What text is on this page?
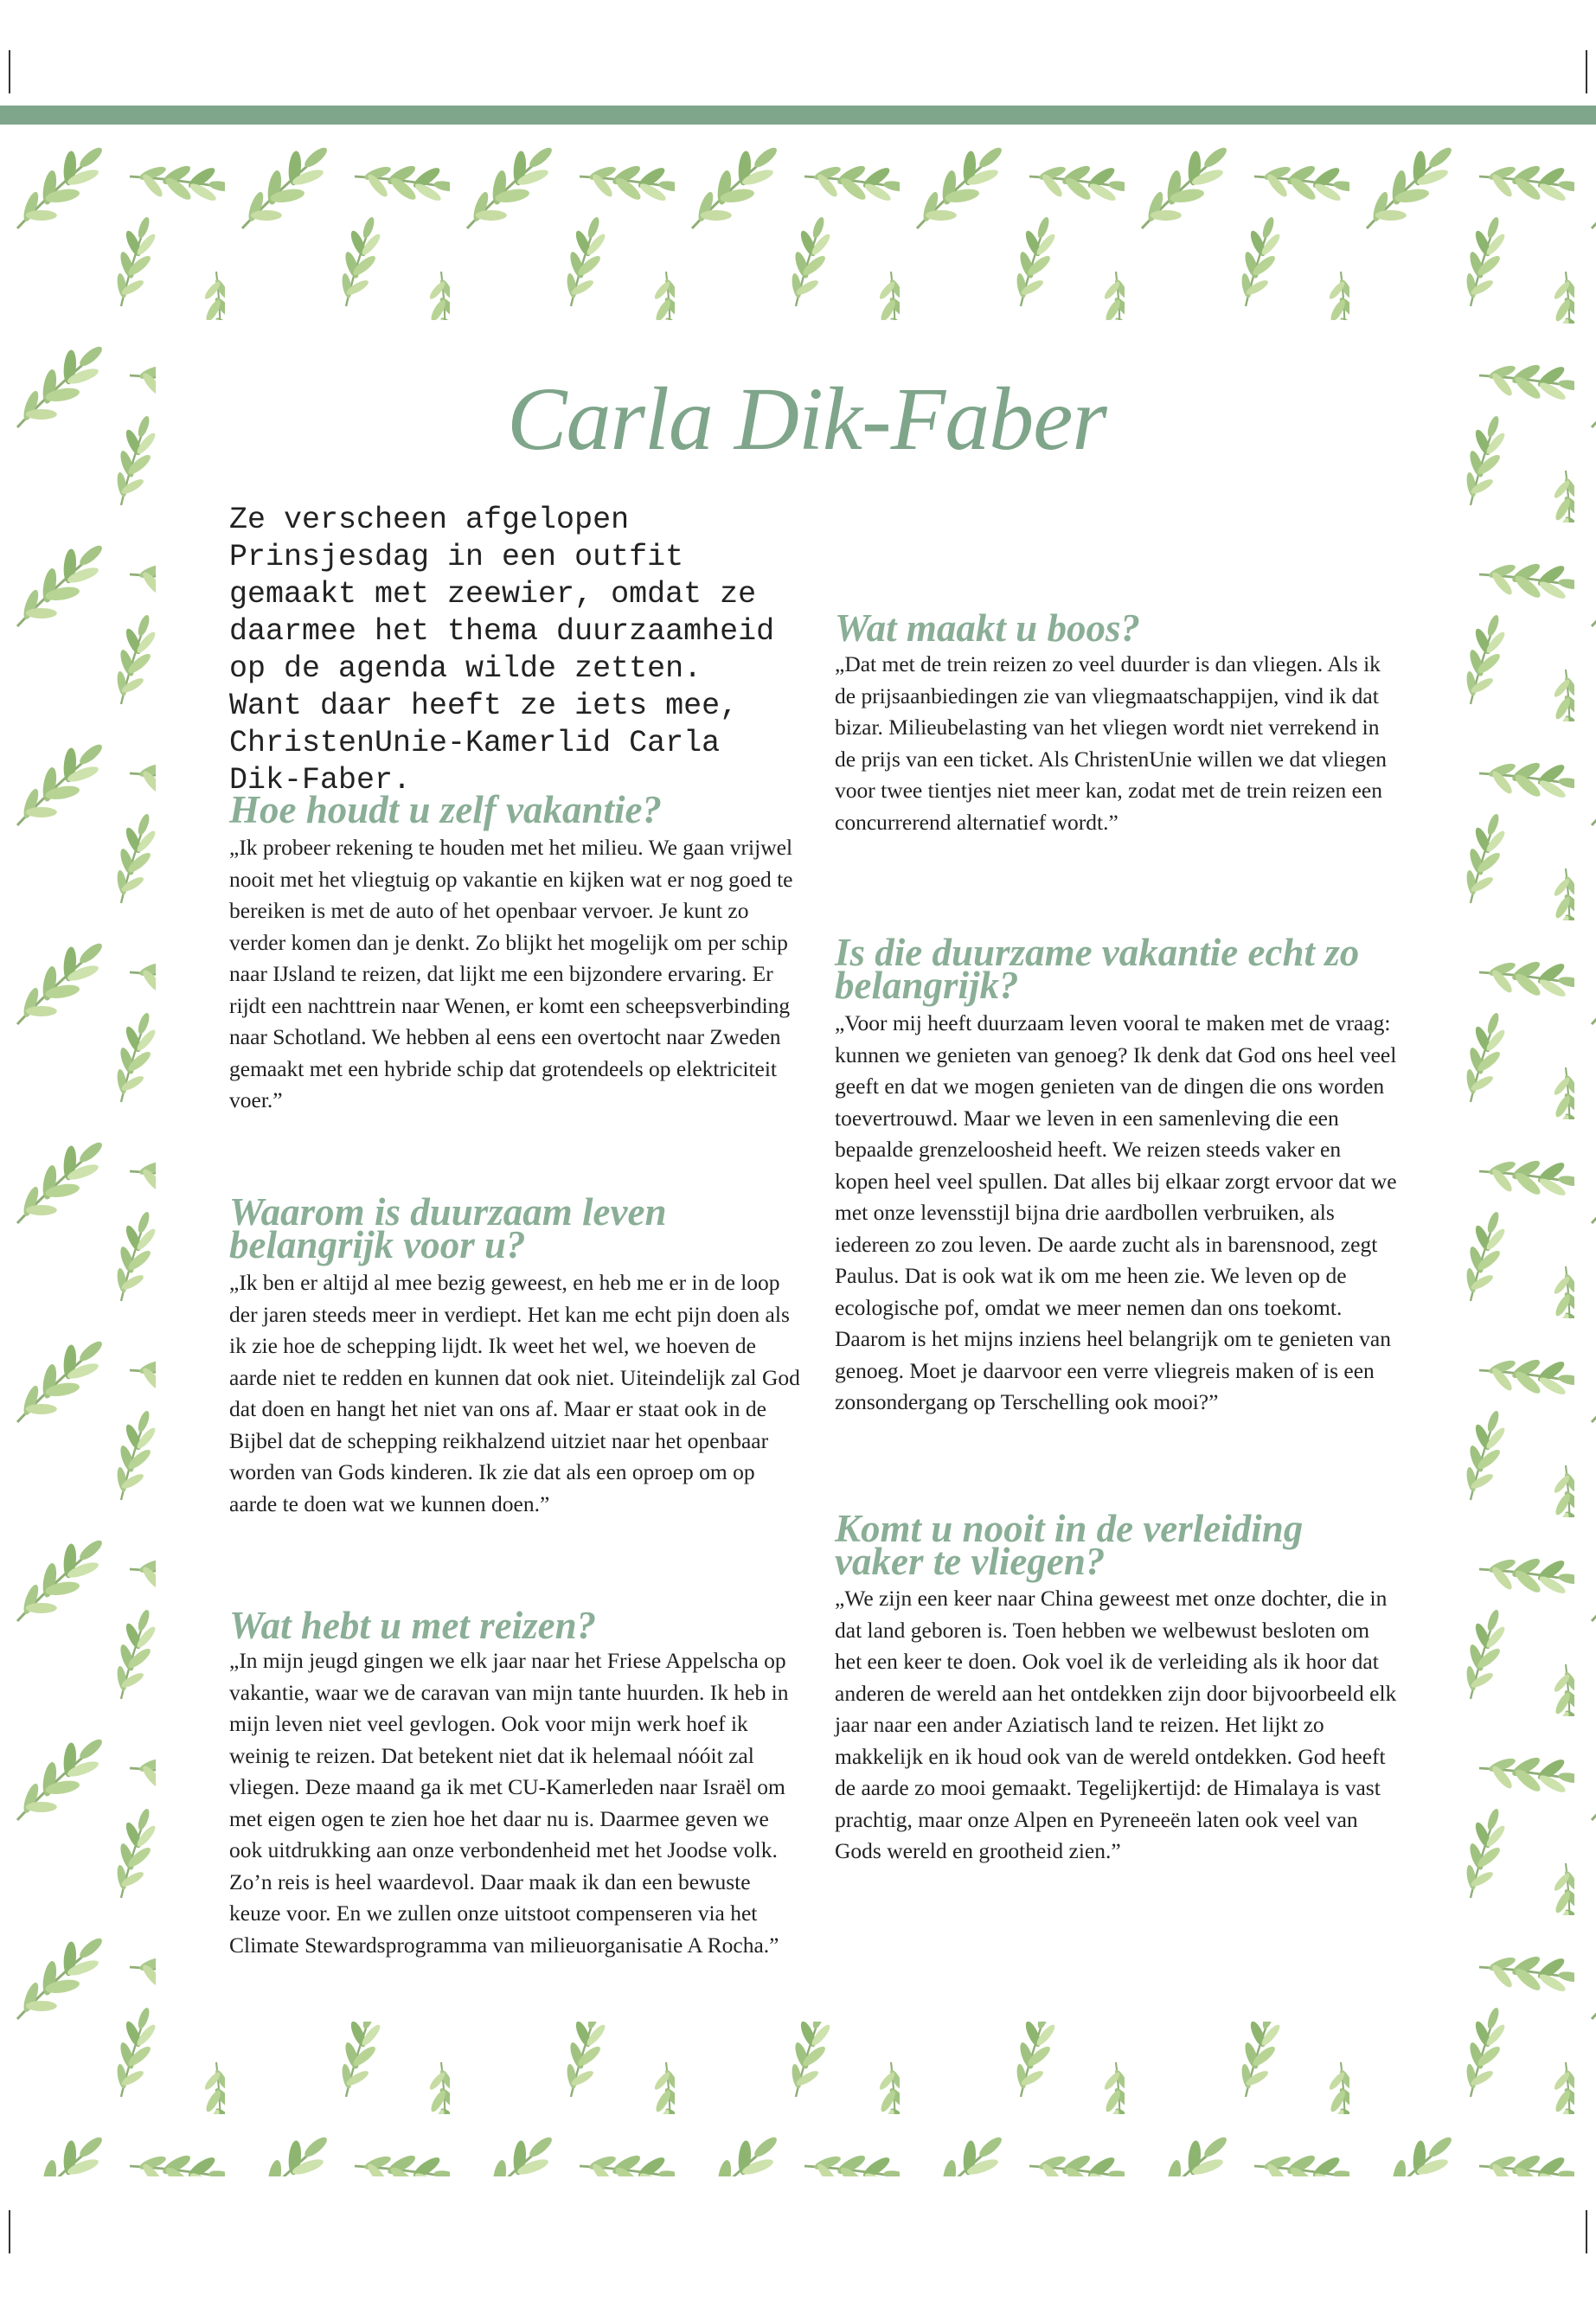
Carla Dik-Faber

Ze verscheen afgelopen Prinsjesdag in een outfit gemaakt met zeewier, omdat ze daarmee het thema duurzaamheid op de agenda wilde zetten. Want daar heeft ze iets mee, ChristenUnie-Kamerlid Carla Dik-Faber.

Hoe houdt u zelf vakantie?

„Ik probeer rekening te houden met het milieu. We gaan vrijwel nooit met het vliegtuig op vakantie en kijken wat er nog goed te bereiken is met de auto of het openbaar vervoer. Je kunt zo verder komen dan je denkt. Zo blijkt het mogelijk om per schip naar IJsland te reizen, dat lijkt me een bijzondere ervaring. Er rijdt een nachttrein naar Wenen, er komt een scheepsverbinding naar Schotland. We hebben al eens een overtocht naar Zweden gemaakt met een hybride schip dat grotendeels op elektriciteit voer.”

Waarom is duurzaam leven belangrijk voor u?

„Ik ben er altijd al mee bezig geweest, en heb me er in de loop der jaren steeds meer in verdiept. Het kan me echt pijn doen als ik zie hoe de schepping lijdt. Ik weet het wel, we hoeven de aarde niet te redden en kunnen dat ook niet. Uiteindelijk zal God dat doen en hangt het niet van ons af. Maar er staat ook in de Bijbel dat de schepping reikhalzend uitziet naar het openbaar worden van Gods kinderen. Ik zie dat als een oproep om op aarde te doen wat we kunnen doen.”

Wat hebt u met reizen?

„In mijn jeugd gingen we elk jaar naar het Friese Appelscha op vakantie, waar we de caravan van mijn tante huurden. Ik heb in mijn leven niet veel gevlogen. Ook voor mijn werk hoef ik weinig te reizen. Dat betekent niet dat ik helemaal nóóit zal vliegen. Deze maand ga ik met CU-Kamerleden naar Israël om met eigen ogen te zien hoe het daar nu is. Daarmee geven we ook uitdrukking aan onze verbondenheid met het Joodse volk. Zo’n reis is heel waardevol. Daar maak ik dan een bewuste keuze voor. En we zullen onze uitstoot compenseren via het Climate Stewardsprogramma van milieuorganisatie A Rocha.”

Wat maakt u boos?

„Dat met de trein reizen zo veel duurder is dan vliegen. Als ik de prijsaanbiedingen zie van vliegmaatschappijen, vind ik dat bizar. Milieubelasting van het vliegen wordt niet verrekend in de prijs van een ticket. Als ChristenUnie willen we dat vliegen voor twee tientjes niet meer kan, zodat met de trein reizen een concurrerend alternatief wordt.”

Is die duurzame vakantie echt zo belangrijk?

„Voor mij heeft duurzaam leven vooral te maken met de vraag: kunnen we genieten van genoeg? Ik denk dat God ons heel veel geeft en dat we mogen genieten van de dingen die ons worden toevertrouwd. Maar we leven in een samenleving die een bepaalde grenzeloosheid heeft. We reizen steeds vaker en kopen heel veel spullen. Dat alles bij elkaar zorgt ervoor dat we met onze levensstijl bijna drie aardbollen verbruiken, als iedereen zo zou leven. De aarde zucht als in barensnood, zegt Paulus. Dat is ook wat ik om me heen zie. We leven op de ecologische pof, omdat we meer nemen dan ons toekomt. Daarom is het mijns inziens heel belangrijk om te genieten van genoeg. Moet je daarvoor een verre vliegreis maken of is een zonsondergang op Terschelling ook mooi?”

Komt u nooit in de verleiding vaker te vliegen?

„We zijn een keer naar China geweest met onze dochter, die in dat land geboren is. Toen hebben we welbewust besloten om het een keer te doen. Ook voel ik de verleiding als ik hoor dat anderen de wereld aan het ontdekken zijn door bijvoorbeeld elk jaar naar een ander Aziatisch land te reizen. Het lijkt zo makkelijk en ik houd ook van de wereld ontdekken. God heeft de aarde zo mooi gemaakt. Tegelijkertijd: de Himalaya is vast prachtig, maar onze Alpen en Pyreneeën laten ook veel van Gods wereld en grootheid zien.”
